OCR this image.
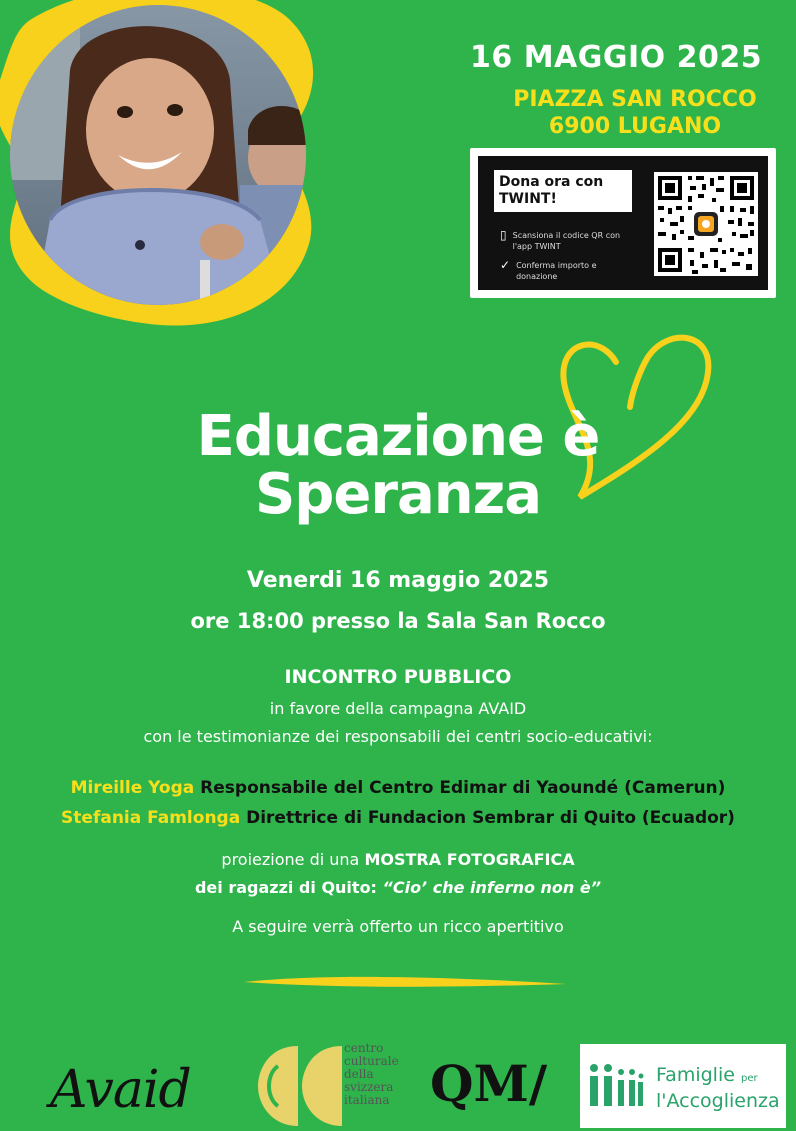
16 MAGGIO 2025
PIAZZA SAN ROCCO
6900 LUGANO
Dona ora con TWINT!
▯ Scansiona il codice QR con l'app TWINT
✓ Conferma importo e donazione
Educazione è
Speranza
Venerdi 16 maggio 2025
ore 18:00 presso la Sala San Rocco
INCONTRO PUBBLICO
in favore della campagna AVAID
con le testimonianze dei responsabili dei centri socio-educativi:
Mireille Yoga Responsabile del Centro Edimar di Yaoundé (Camerun)
Stefania Famlonga Direttrice di Fundacion Sembrar di Quito (Ecuador)
proiezione di una MOSTRA FOTOGRAFICA
dei ragazzi di Quito: “Cio’ che inferno non è”
A seguire verrà offerto un ricco apertitivo
Avaid
centro culturale della svizzera italiana QM/	Famiglie per
l'Accoglienza
